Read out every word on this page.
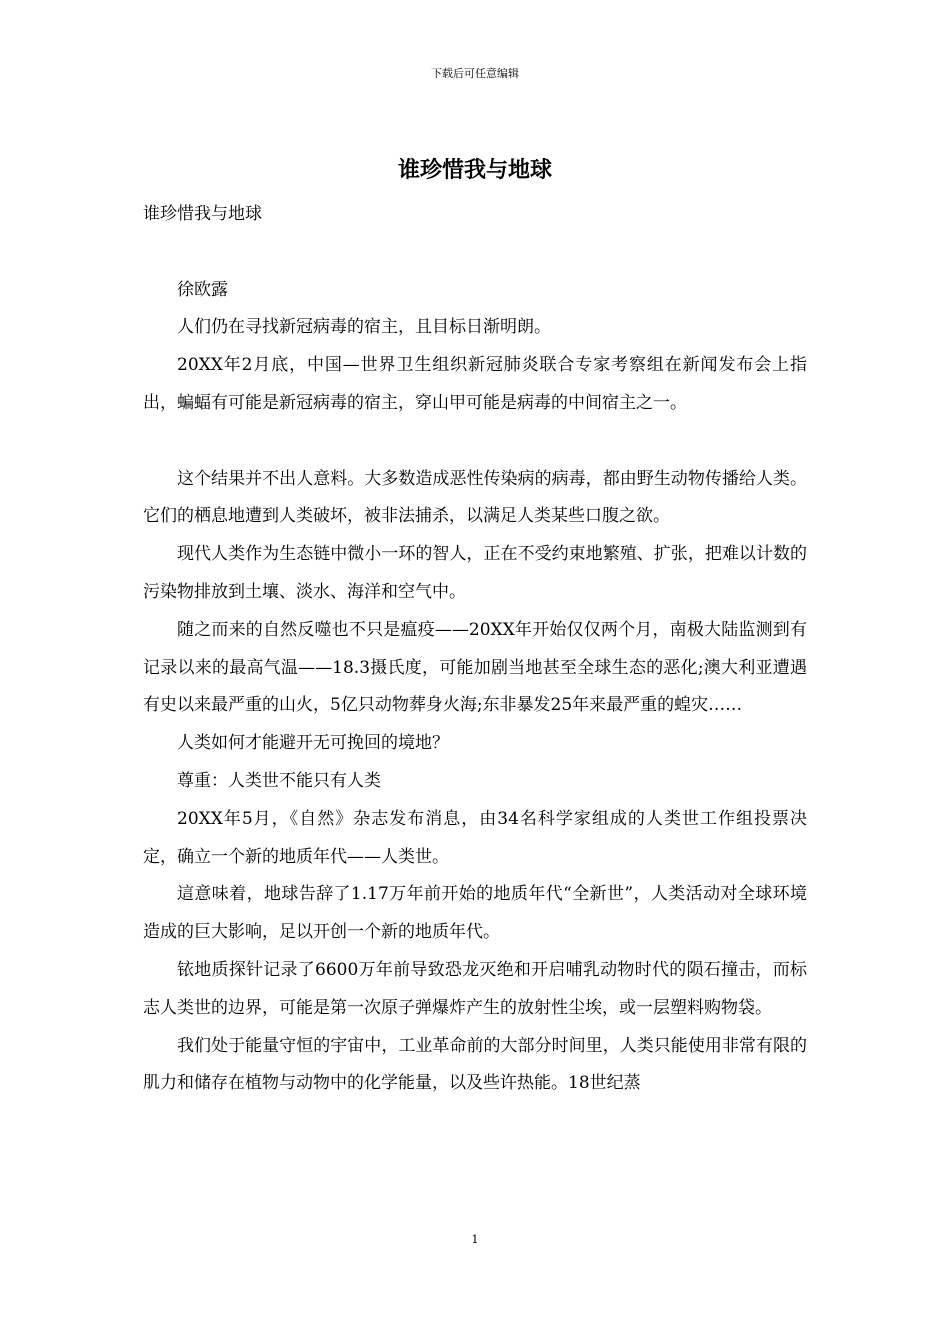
下载后可任意编辑
谁珍惜我与地球

谁珍惜我与地球

徐欧露

人们仍在寻找新冠病毒的宿主，且目标日渐明朗。

20XX年2月底，中国—世界卫生组织新冠肺炎联合专家考察组在新闻发布会上指出，蝙蝠有可能是新冠病毒的宿主，穿山甲可能是病毒的中间宿主之一。

这个结果并不出人意料。大多数造成恶性传染病的病毒，都由野生动物传播给人类。它们的栖息地遭到人类破坏，被非法捕杀，以满足人类某些口腹之欲。

现代人类作为生态链中微小一环的智人，正在不受约束地繁殖、扩张，把难以计数的污染物排放到土壤、淡水、海洋和空气中。

随之而来的自然反噬也不只是瘟疫——20XX年开始仅仅两个月，南极大陆监测到有记录以来的最高气温——18.3摄氏度，可能加剧当地甚至全球生态的恶化;澳大利亚遭遇有史以来最严重的山火，5亿只动物葬身火海;东非暴发25年来最严重的蝗灾……

人类如何才能避开无可挽回的境地？

尊重：人类世不能只有人类

20XX年5月，《自然》杂志发布消息，由34名科学家组成的人类世工作组投票决定，确立一个新的地质年代——人类世。

這意味着，地球告辞了1.17万年前开始的地质年代“全新世”，人类活动对全球环境造成的巨大影响，足以开创一个新的地质年代。

铱地质探针记录了6600万年前导致恐龙灭绝和开启哺乳动物时代的陨石撞击，而标志人类世的边界，可能是第一次原子弹爆炸产生的放射性尘埃，或一层塑料购物袋。

我们处于能量守恒的宇宙中，工业革命前的大部分时间里，人类只能使用非常有限的肌力和储存在植物与动物中的化学能量，以及些许热能。18世纪蒸

1
